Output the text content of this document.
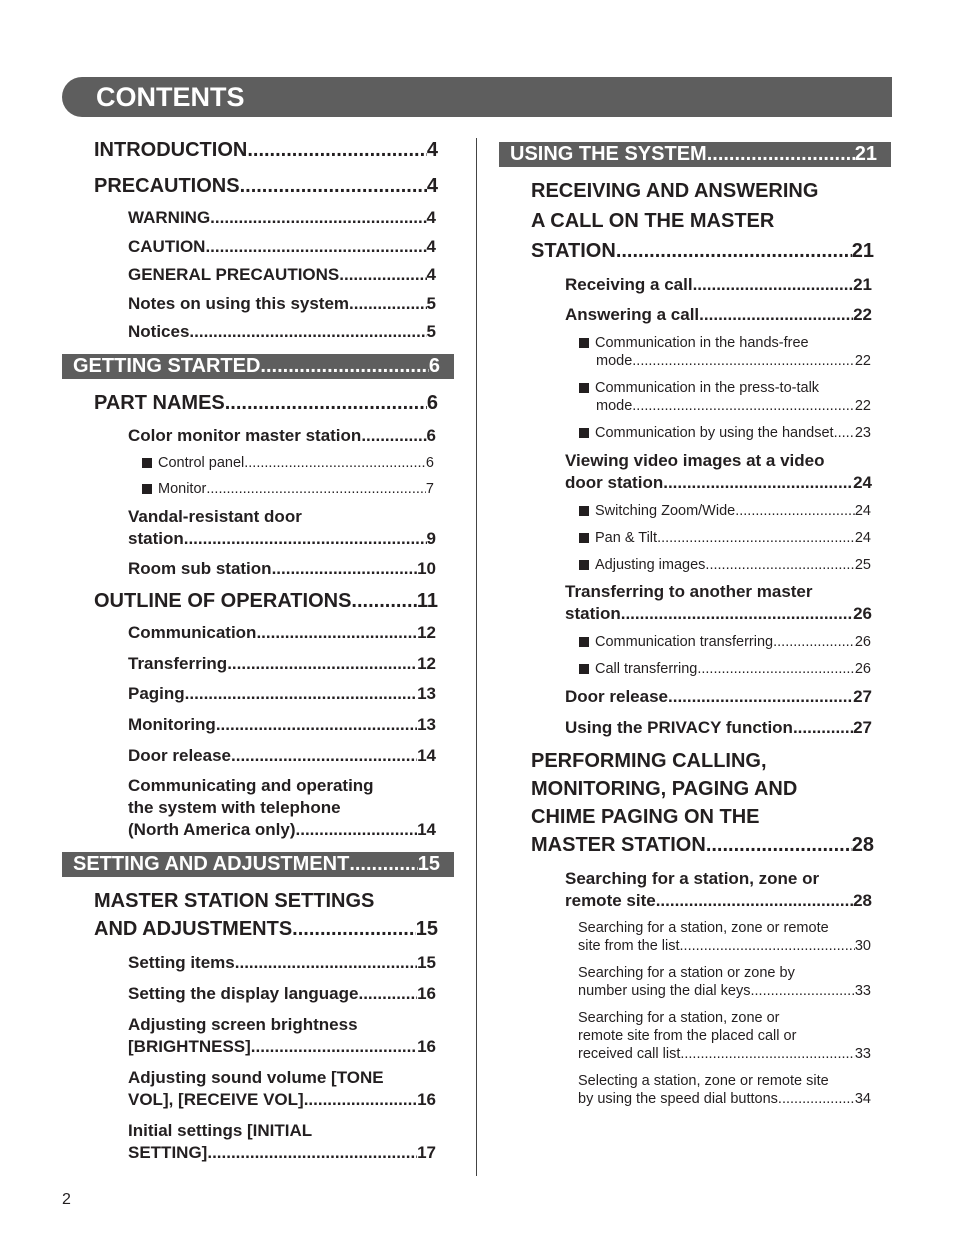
CONTENTS
INTRODUCTION .....	4
PRECAUTIONS .....	4
WARNING .....	4
CAUTION .....	4
GENERAL PRECAUTIONS .....	4
Notes on using this system .....	5
Notices .....	5
GETTING STARTED .....	6
PART NAMES .....	6
Color monitor master station .....	6
Control panel .....	6
Monitor .....	7
Vandal-resistant door
station .....	9
Room sub station .....	10
OUTLINE OF OPERATIONS .....	11
Communication .....	12
Transferring .....	12
Paging .....	13
Monitoring .....	13
Door release .....	14
Communicating and operating
the system with telephone
(North America only) .....	14
SETTING AND ADJUSTMENT .....	15
MASTER STATION SETTINGS
AND ADJUSTMENTS .....	15
Setting items .....	15
Setting the display language .....	16
Adjusting screen brightness
[BRIGHTNESS] .....	16
Adjusting sound volume [TONE
VOL], [RECEIVE VOL] .....	16
Initial settings [INITIAL
SETTING] .....	17
USING THE SYSTEM .....	21
RECEIVING AND ANSWERING
A CALL ON THE MASTER
STATION .....	21
Receiving a call .....	21
Answering a call .....	22
Communication in the hands-free
mode .....	22
Communication in the press-to-talk
mode .....	22
Communication by using the handset ..... 23
Viewing video images at a video
door station .....	24
Switching Zoom/Wide .....	24
Pan & Tilt .....	24
Adjusting images .....	25
Transferring to another master
station .....	26
Communication transferring .....	26
Call transferring .....	26
Door release .....	27
Using the PRIVACY function .....	27
PERFORMING CALLING,
MONITORING, PAGING AND
CHIME PAGING ON THE
MASTER STATION .....	28
Searching for a station, zone or
remote site .....	28
Searching for a station, zone or remote
site from the list .....	30
Searching for a station or zone by
number using the dial keys .....	33
Searching for a station, zone or
remote site from the placed call or
received call list .....	33
Selecting a station, zone or remote site
by using the speed dial buttons .....	34
2
